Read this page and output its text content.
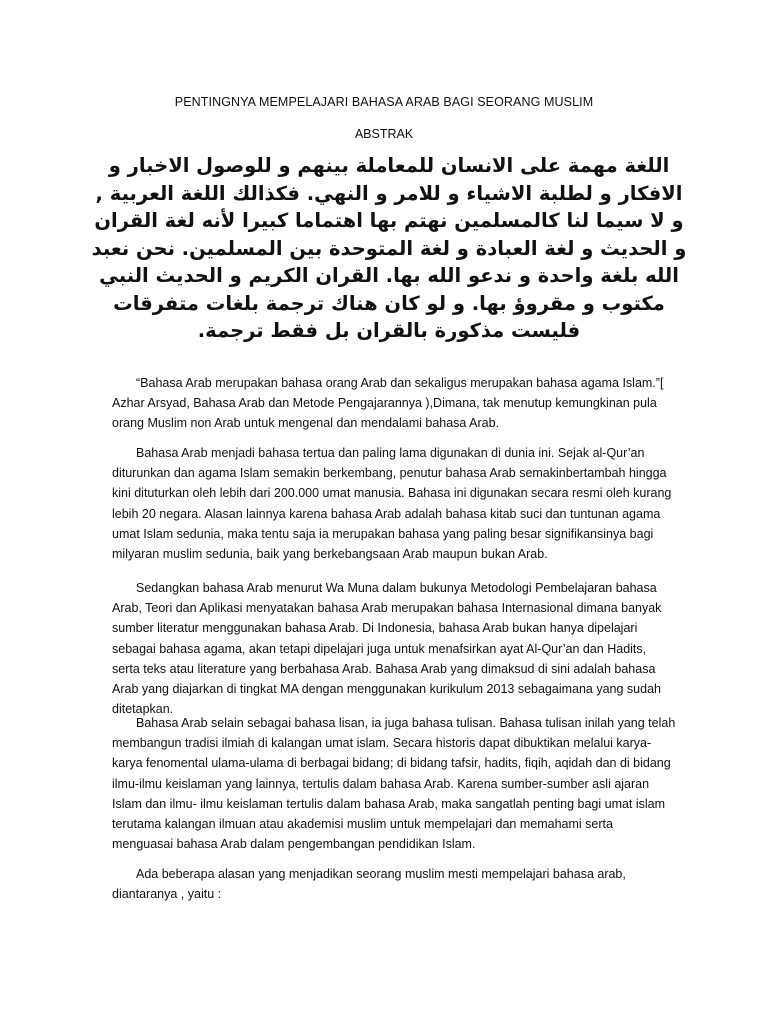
PENTINGNYA MEMPELAJARI BAHASA ARAB BAGI SEORANG MUSLIM
ABSTRAK
اللغة مهمة على الانسان للمعاملة بينهم و للوصول الاخبار و الافكار و لطلبة الاشياء و للامر و النهي. فكذالك اللغة العربية , و لا سيما لنا كالمسلمين نهتم بها اهتماما كبيرا لأنه لغة القران و الحديث و لغة العبادة و لغة المتوحدة بين المسلمين. نحن نعبد الله بلغة واحدة و ندعو الله بها. القران الكريم و الحديث النبي مكتوب و مقروؤ بها. و لو كان هناك ترجمة بلغات متفرقات فليست مذكورة بالقران بل فقط ترجمة.

“Bahasa Arab merupakan bahasa orang Arab dan sekaligus merupakan bahasa agama Islam.”[ Azhar Arsyad, Bahasa Arab dan Metode Pengajarannya ),Dimana, tak menutup kemungkinan pula orang Muslim non Arab untuk mengenal dan mendalami bahasa Arab.

Bahasa Arab menjadi bahasa tertua dan paling lama digunakan di dunia ini. Sejak al-Qur’an diturunkan dan agama Islam semakin berkembang, penutur bahasa Arab semakinbertambah hingga kini dituturkan oleh lebih dari 200.000 umat manusia. Bahasa ini digunakan secara resmi oleh kurang lebih 20 negara. Alasan lainnya karena bahasa Arab adalah bahasa kitab suci dan tuntunan agama umat Islam sedunia, maka tentu saja ia merupakan bahasa yang paling besar signifikansinya bagi milyaran muslim sedunia, baik yang berkebangsaan Arab maupun bukan Arab.

Sedangkan bahasa Arab menurut Wa Muna dalam bukunya Metodologi Pembelajaran bahasa Arab, Teori dan Aplikasi menyatakan bahasa Arab merupakan bahasa Internasional dimana banyak sumber literatur menggunakan bahasa Arab. Di Indonesia, bahasa Arab bukan hanya dipelajari sebagai bahasa agama, akan tetapi dipelajari juga untuk menafsirkan ayat Al-Qur’an dan Hadits, serta teks atau literature yang berbahasa Arab. Bahasa Arab yang dimaksud di sini adalah bahasa Arab yang diajarkan di tingkat MA dengan menggunakan kurikulum 2013 sebagaimana yang sudah ditetapkan.

Bahasa Arab selain sebagai bahasa lisan, ia juga bahasa tulisan. Bahasa tulisan inilah yang telah membangun tradisi ilmiah di kalangan umat islam. Secara historis dapat dibuktikan melalui karya-karya fenomental ulama-ulama di berbagai bidang; di bidang tafsir, hadits, fiqih, aqidah dan di bidang ilmu-ilmu keislaman yang lainnya, tertulis dalam bahasa Arab. Karena sumber-sumber asli ajaran Islam dan ilmu- ilmu keislaman tertulis dalam bahasa Arab, maka sangatlah penting bagi umat islam terutama kalangan ilmuan atau akademisi muslim untuk mempelajari dan memahami serta menguasai bahasa Arab dalam pengembangan pendidikan Islam.

Ada beberapa alasan yang menjadikan seorang muslim mesti mempelajari bahasa arab, diantaranya , yaitu :
